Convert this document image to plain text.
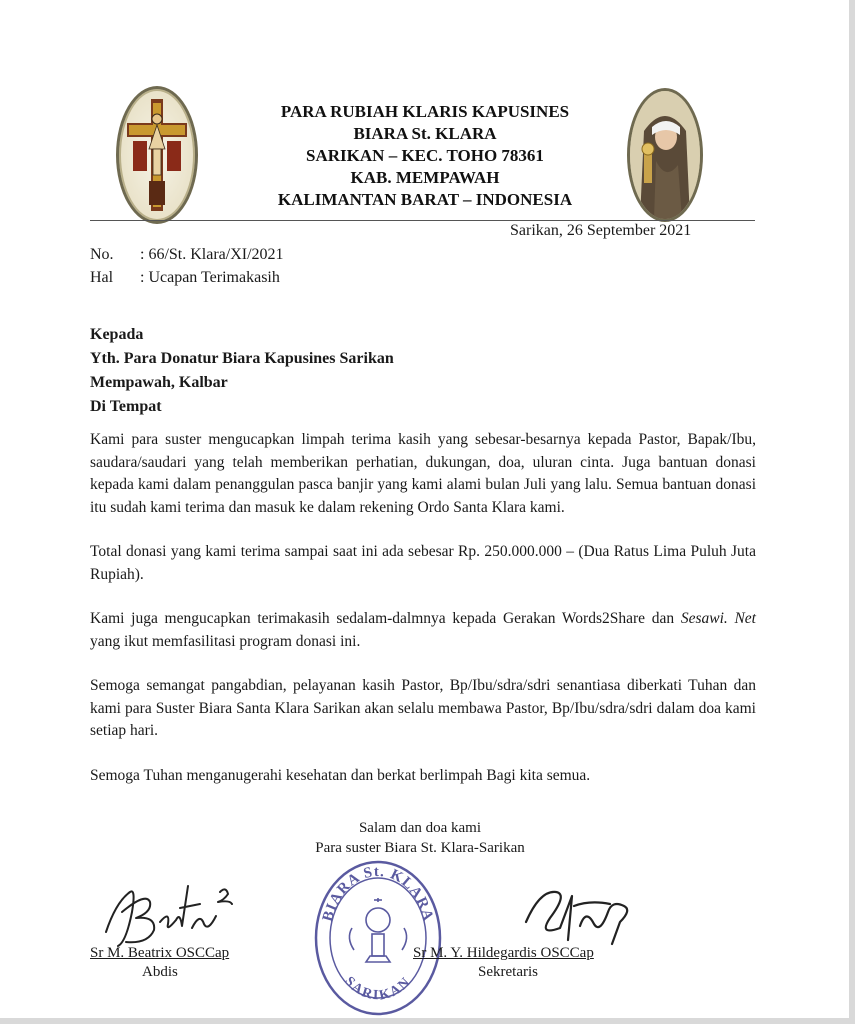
PARA RUBIAH KLARIS KAPUSINES
BIARA St. KLARA
SARIKAN – KEC. TOHO 78361
KAB. MEMPAWAH
KALIMANTAN BARAT – INDONESIA
Sarikan, 26 September 2021
No. : 66/St. Klara/XI/2021
Hal : Ucapan Terimakasih
Kepada
Yth. Para Donatur Biara Kapusines Sarikan
Mempawah, Kalbar
Di Tempat

Kami para suster mengucapkan limpah terima kasih yang sebesar-besarnya kepada Pastor, Bapak/Ibu, saudara/saudari yang telah memberikan perhatian, dukungan, doa, uluran cinta. Juga bantuan donasi kepada kami dalam penanggulan pasca banjir yang kami alami bulan Juli yang lalu. Semua bantuan donasi itu sudah kami terima dan masuk ke dalam rekening Ordo Santa Klara kami.

Total donasi yang kami terima sampai saat ini ada sebesar Rp. 250.000.000 – (Dua Ratus Lima Puluh Juta Rupiah).

Kami juga mengucapkan terimakasih sedalam-dalmnya kepada Gerakan Words2Share dan Sesawi. Net yang ikut memfasilitasi program donasi ini.

Semoga semangat pangabdian, pelayanan kasih Pastor, Bp/Ibu/sdra/sdri senantiasa diberkati Tuhan dan kami para Suster Biara Santa Klara Sarikan akan selalu membawa Pastor, Bp/Ibu/sdra/sdri dalam doa kami setiap hari.

Semoga Tuhan menganugerahi kesehatan dan berkat berlimpah Bagi kita semua.

Salam dan doa kami
Para suster Biara St. Klara-Sarikan
BIARA St. KLARA
SARIKAN
Sr M. Beatrix OSCCap
Abdis
Sr M. Y. Hildegardis OSCCap
Sekretaris
